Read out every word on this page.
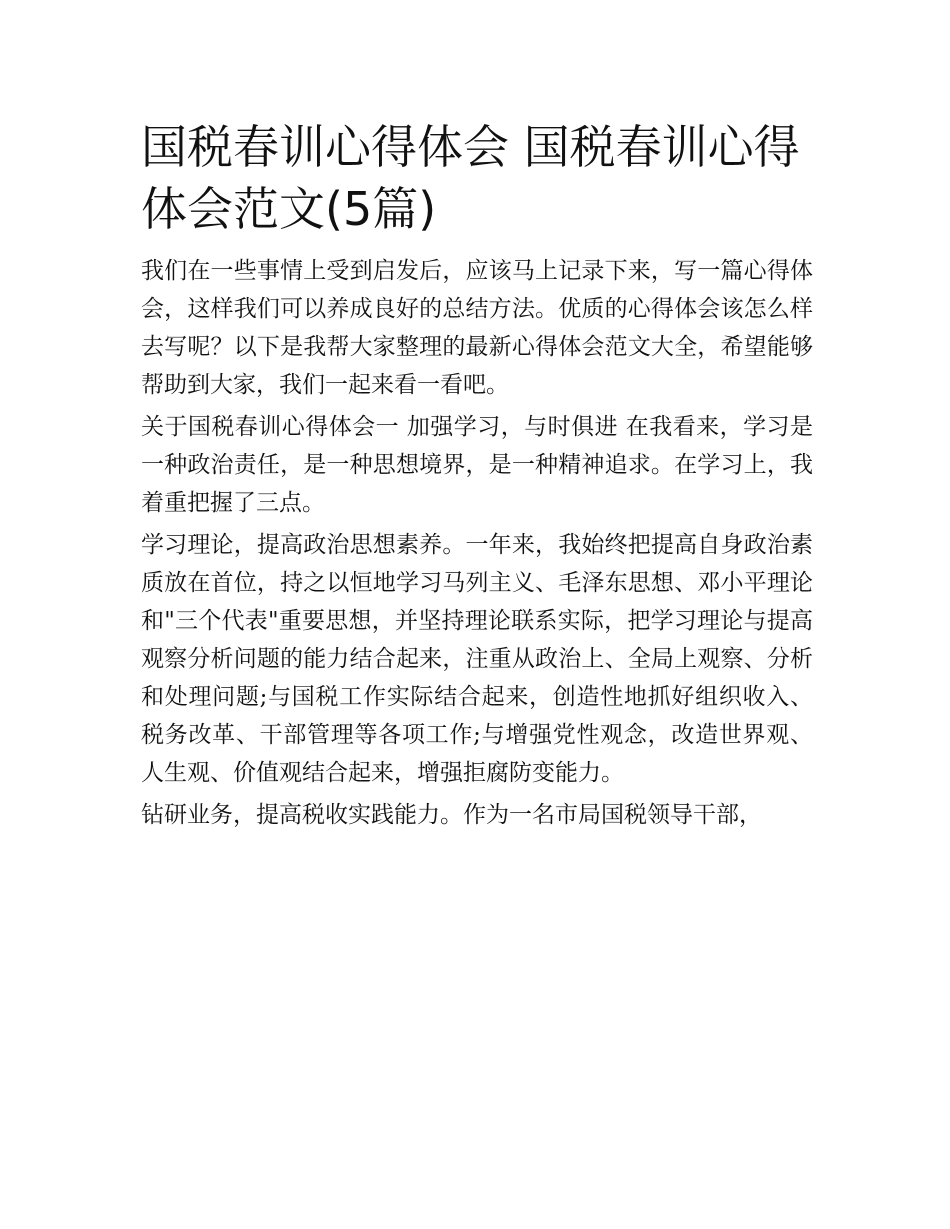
国税春训心得体会 国税春训心得体会范文(5篇)

我们在一些事情上受到启发后，应该马上记录下来，写一篇心得体会，这样我们可以养成良好的总结方法。优质的心得体会该怎么样去写呢？以下是我帮大家整理的最新心得体会范文大全，希望能够帮助到大家，我们一起来看一看吧。

关于国税春训心得体会一 加强学习，与时俱进 在我看来，学习是一种政治责任，是一种思想境界，是一种精神追求。在学习上，我着重把握了三点。

学习理论，提高政治思想素养。一年来，我始终把提高自身政治素质放在首位，持之以恒地学习马列主义、毛泽东思想、邓小平理论和"三个代表"重要思想，并坚持理论联系实际，把学习理论与提高观察分析问题的能力结合起来，注重从政治上、全局上观察、分析和处理问题;与国税工作实际结合起来，创造性地抓好组织收入、税务改革、干部管理等各项工作;与增强党性观念，改造世界观、人生观、价值观结合起来，增强拒腐防变能力。

钻研业务，提高税收实践能力。作为一名市局国税领导干部，
